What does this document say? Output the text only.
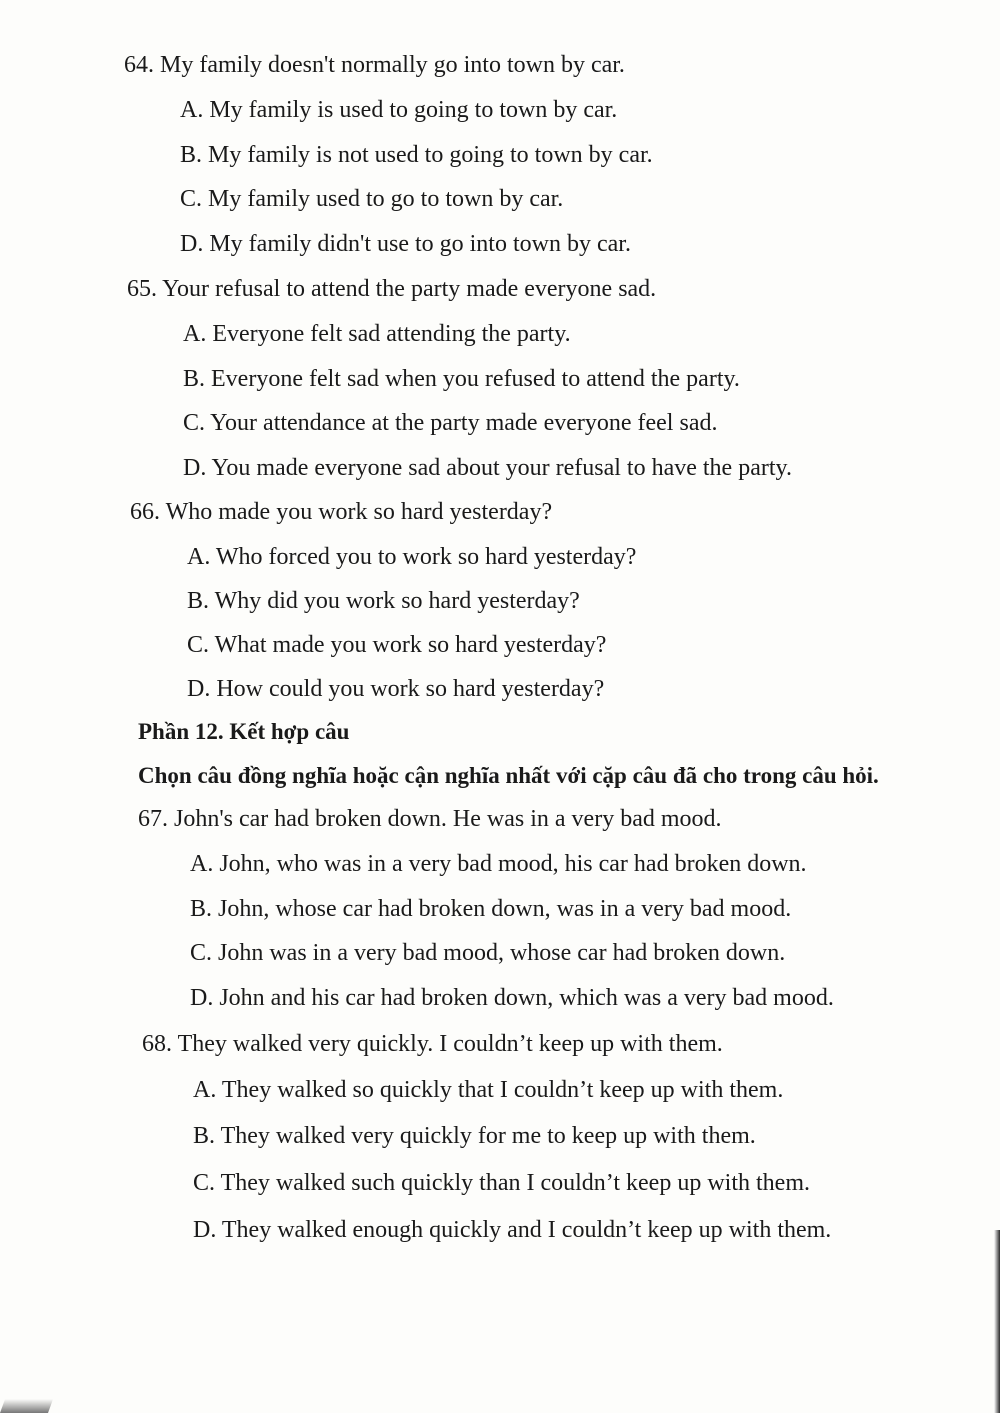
64. My family doesn't normally go into town by car.
A. My family is used to going to town by car.
B. My family is not used to going to town by car.
C. My family used to go to town by car.
D. My family didn't use to go into town by car.
65. Your refusal to attend the party made everyone sad.
A. Everyone felt sad attending the party.
B. Everyone felt sad when you refused to attend the party.
C. Your attendance at the party made everyone feel sad.
D. You made everyone sad about your refusal to have the party.
66. Who made you work so hard yesterday?
A. Who forced you to work so hard yesterday?
B. Why did you work so hard yesterday?
C. What made you work so hard yesterday?
D. How could you work so hard yesterday?
Phần 12. Kết hợp câu
Chọn câu đồng nghĩa hoặc cận nghĩa nhất với cặp câu đã cho trong câu hỏi.
67. John's car had broken down. He was in a very bad mood.
A. John, who was in a very bad mood, his car had broken down.
B. John, whose car had broken down, was in a very bad mood.
C. John was in a very bad mood, whose car had broken down.
D. John and his car had broken down, which was a very bad mood.
68. They walked very quickly. I couldn’t keep up with them.
A. They walked so quickly that I couldn’t keep up with them.
B. They walked very quickly for me to keep up with them.
C. They walked such quickly than I couldn’t keep up with them.
D. They walked enough quickly and I couldn’t keep up with them.
